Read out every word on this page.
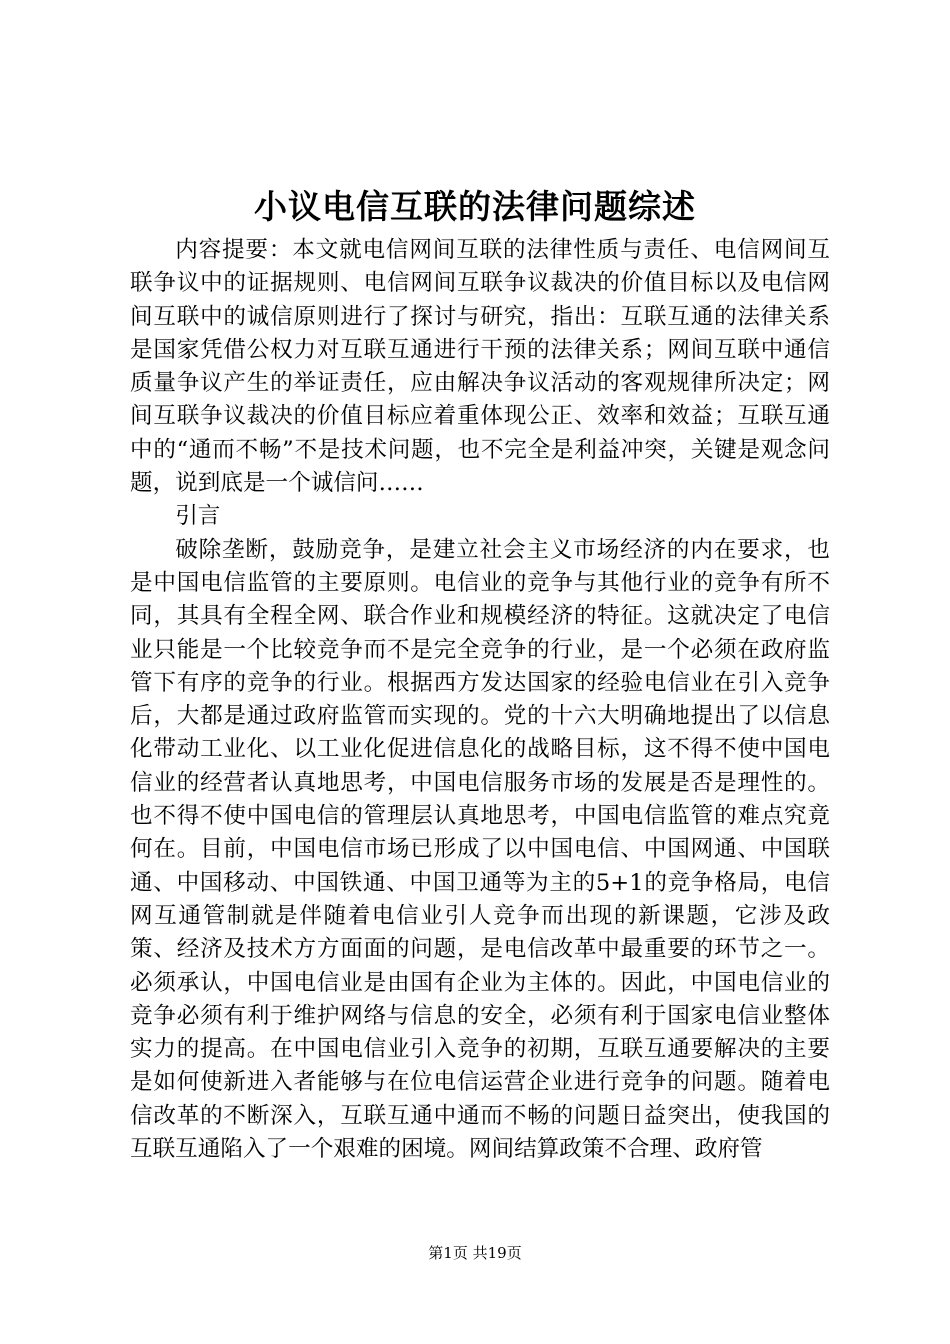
小议电信互联的法律问题综述

内容提要：本文就电信网间互联的法律性质与责任、电信网间互联争议中的证据规则、电信网间互联争议裁决的价值目标以及电信网间互联中的诚信原则进行了探讨与研究，指出：互联互通的法律关系是国家凭借公权力对互联互通进行干预的法律关系；网间互联中通信质量争议产生的举证责任，应由解决争议活动的客观规律所决定；网间互联争议裁决的价值目标应着重体现公正、效率和效益；互联互通中的“通而不畅”不是技术问题，也不完全是利益冲突，关键是观念问题，说到底是一个诚信问……

引言

破除垄断，鼓励竞争，是建立社会主义市场经济的内在要求，也是中国电信监管的主要原则。电信业的竞争与其他行业的竞争有所不同，其具有全程全网、联合作业和规模经济的特征。这就决定了电信业只能是一个比较竞争而不是完全竞争的行业，是一个必须在政府监管下有序的竞争的行业。根据西方发达国家的经验电信业在引入竞争后，大都是通过政府监管而实现的。党的十六大明确地提出了以信息化带动工业化、以工业化促进信息化的战略目标，这不得不使中国电信业的经营者认真地思考，中国电信服务市场的发展是否是理性的。也不得不使中国电信的管理层认真地思考，中国电信监管的难点究竟何在。目前，中国电信市场已形成了以中国电信、中国网通、中国联通、中国移动、中国铁通、中国卫通等为主的5+1的竞争格局，电信网互通管制就是伴随着电信业引人竞争而出现的新课题，它涉及政策、经济及技术方方面面的问题，是电信改革中最重要的环节之一。必须承认，中国电信业是由国有企业为主体的。因此，中国电信业的竞争必须有利于维护网络与信息的安全，必须有利于国家电信业整体实力的提高。在中国电信业引入竞争的初期，互联互通要解决的主要是如何使新进入者能够与在位电信运营企业进行竞争的问题。随着电信改革的不断深入，互联互通中通而不畅的问题日益突出，使我国的互联互通陷入了一个艰难的困境。网间结算政策不合理、政府管

第1页 共19页
